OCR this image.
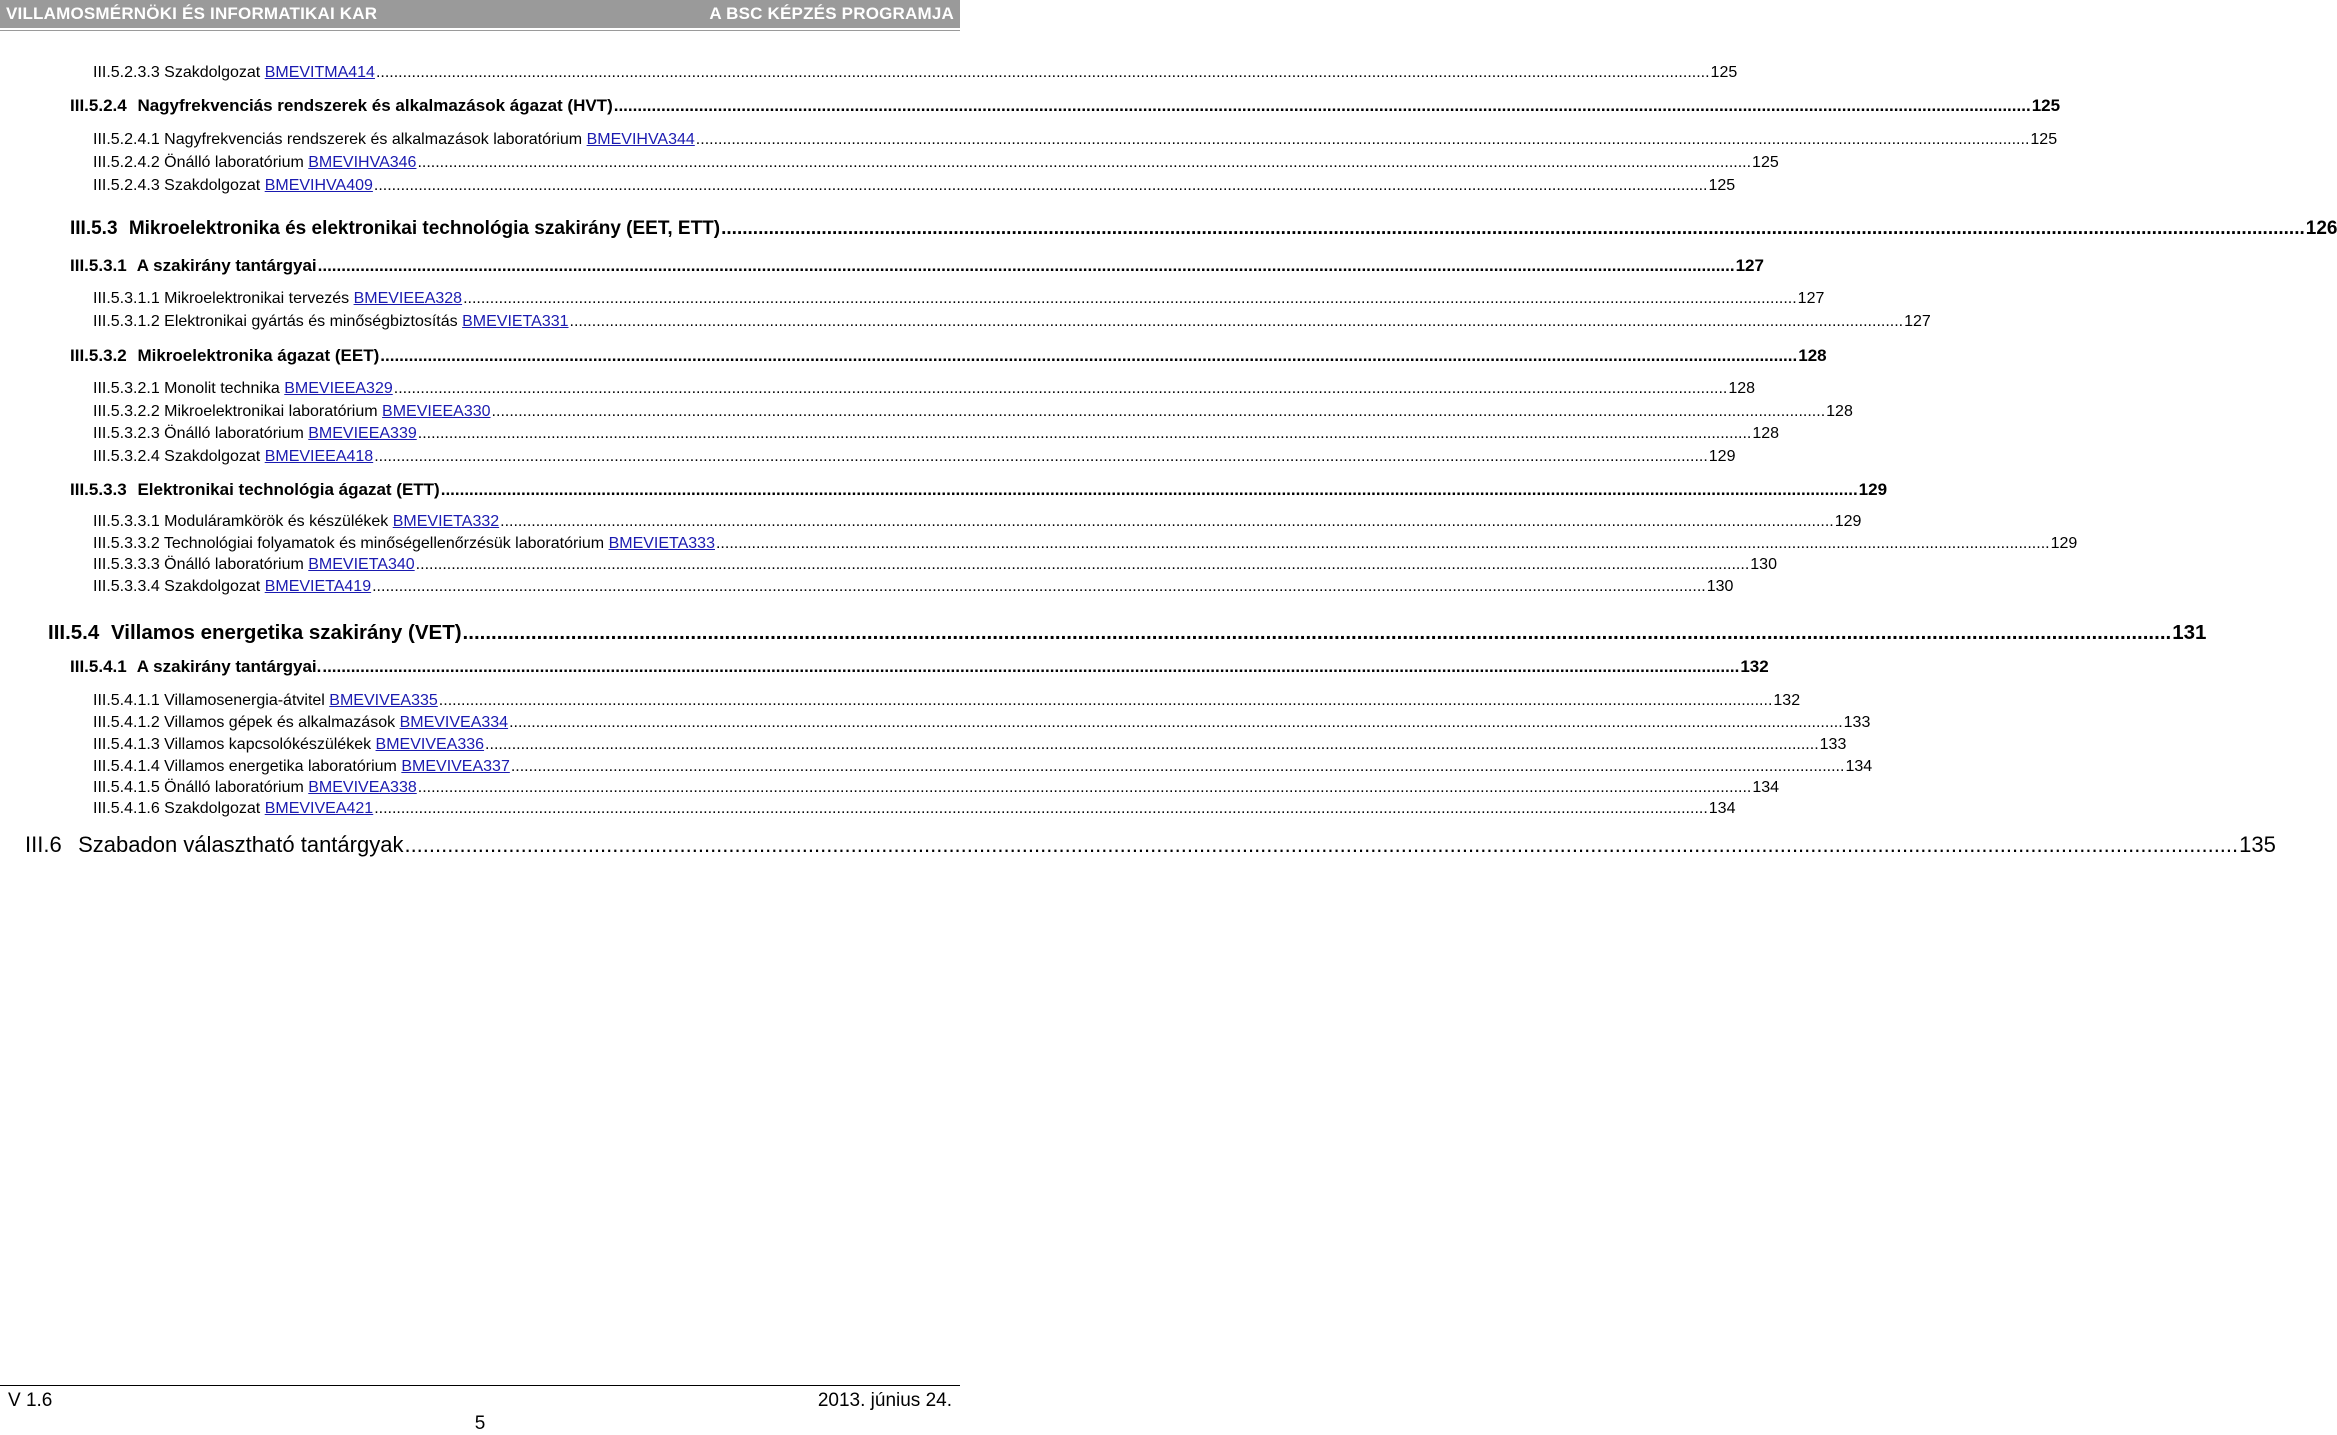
VILLAMOSMÉRNÖKI ÉS INFORMATIKAI KAR	A BSC KÉPZÉS PROGRAMJA
III.5.2.3.3 Szakdolgozat BMEVITMA414 ............................................................................................................................................................................................................................................................................................................ 125
III.5.2.4 Nagyfrekvenciás rendszerek és alkalmazások ágazat (HVT) ............................................................................................................................................................................................................................................................................................................ 125
III.5.2.4.1 Nagyfrekvenciás rendszerek és alkalmazások laboratórium BMEVIHVA344 ............................................................................................................................................................................................................................................................................................................ 125
III.5.2.4.2 Önálló laboratórium BMEVIHVA346 ............................................................................................................................................................................................................................................................................................................ 125
III.5.2.4.3 Szakdolgozat BMEVIHVA409 ............................................................................................................................................................................................................................................................................................................ 125
III.5.3 Mikroelektronika és elektronikai technológia szakirány (EET, ETT) ............................................................................................................................................................................................................................................................................................................ 126
III.5.3.1 A szakirány tantárgyai ............................................................................................................................................................................................................................................................................................................ 127
III.5.3.1.1 Mikroelektronikai tervezés BMEVIEEA328 ............................................................................................................................................................................................................................................................................................................ 127
III.5.3.1.2 Elektronikai gyártás és minőségbiztosítás BMEVIETA331 ............................................................................................................................................................................................................................................................................................................ 127
III.5.3.2 Mikroelektronika ágazat (EET) ............................................................................................................................................................................................................................................................................................................ 128
III.5.3.2.1 Monolit technika BMEVIEEA329 ............................................................................................................................................................................................................................................................................................................ 128
III.5.3.2.2 Mikroelektronikai laboratórium BMEVIEEA330 ............................................................................................................................................................................................................................................................................................................ 128
III.5.3.2.3 Önálló laboratórium BMEVIEEA339 ............................................................................................................................................................................................................................................................................................................ 128
III.5.3.2.4 Szakdolgozat BMEVIEEA418 ............................................................................................................................................................................................................................................................................................................ 129
III.5.3.3 Elektronikai technológia ágazat (ETT) ............................................................................................................................................................................................................................................................................................................ 129
III.5.3.3.1 Moduláramkörök és készülékek BMEVIETA332 ............................................................................................................................................................................................................................................................................................................ 129
III.5.3.3.2 Technológiai folyamatok és minőségellenőrzésük laboratórium BMEVIETA333 ............................................................................................................................................................................................................................................................................................................ 129
III.5.3.3.3 Önálló laboratórium BMEVIETA340 ............................................................................................................................................................................................................................................................................................................ 130
III.5.3.3.4 Szakdolgozat BMEVIETA419 ............................................................................................................................................................................................................................................................................................................ 130
III.5.4 Villamos energetika szakirány (VET) ............................................................................................................................................................................................................................................................................................................ 131
III.5.4.1 A szakirány tantárgyai. ............................................................................................................................................................................................................................................................................................................ 132
III.5.4.1.1 Villamosenergia-átvitel BMEVIVEA335 ............................................................................................................................................................................................................................................................................................................ 132
III.5.4.1.2 Villamos gépek és alkalmazások BMEVIVEA334 ............................................................................................................................................................................................................................................................................................................ 133
III.5.4.1.3 Villamos kapcsolókészülékek BMEVIVEA336 ............................................................................................................................................................................................................................................................................................................ 133
III.5.4.1.4 Villamos energetika laboratórium BMEVIVEA337 ............................................................................................................................................................................................................................................................................................................ 134
III.5.4.1.5 Önálló laboratórium BMEVIVEA338 ............................................................................................................................................................................................................................................................................................................ 134
III.5.4.1.6 Szakdolgozat BMEVIVEA421 ............................................................................................................................................................................................................................................................................................................ 134
III.6 Szabadon választható tantárgyak ............................................................................................................................................................................................................................................................................................................ 135
V 1.6	2013. június 24.
5
